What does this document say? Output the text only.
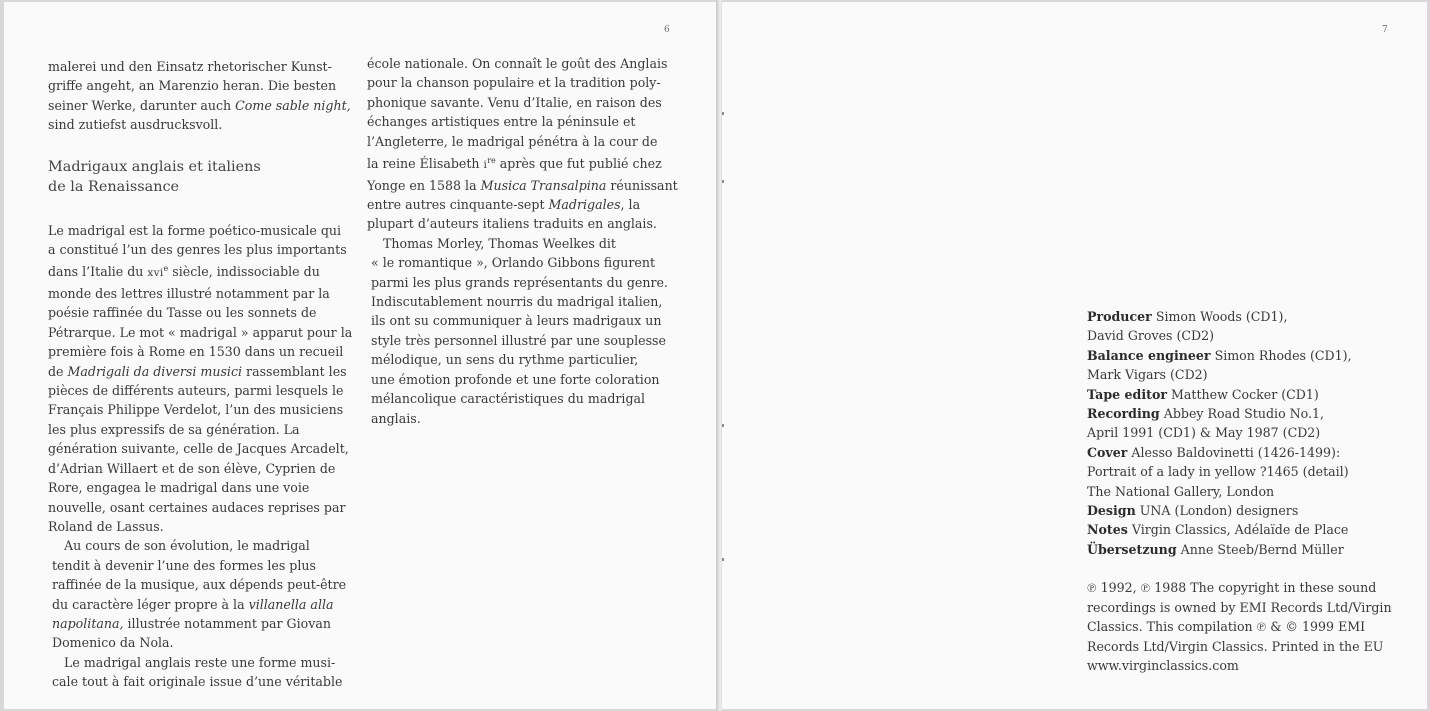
6

malerei und den Einsatz rhetorischer Kunst-

griffe angeht, an Marenzio heran. Die besten

seiner Werke, darunter auch Come sable night,

sind zutiefst ausdrucksvoll.

Madrigaux anglais et italiens

de la Renaissance

Le madrigal est la forme poético-musicale qui

a constitué l’un des genres les plus importants

dans l’Italie du xvi$^e$ siècle, indissociable du

monde des lettres illustré notamment par la

poésie raffinée du Tasse ou les sonnets de

Pétrarque. Le mot « madrigal » apparut pour la

première fois à Rome en 1530 dans un recueil

de Madrigali da diversi musici rassemblant les

pièces de différents auteurs, parmi lesquels le

Français Philippe Verdelot, l’un des musiciens

les plus expressifs de sa génération. La

génération suivante, celle de Jacques Arcadelt,

d’Adrian Willaert et de son élève, Cyprien de

Rore, engagea le madrigal dans une voie

nouvelle, osant certaines audaces reprises par

Roland de Lassus.

Au cours de son évolution, le madrigal

tendit à devenir l’une des formes les plus

raffinée de la musique, aux dépends peut-être

du caractère léger propre à la villanella alla

napolitana, illustrée notamment par Giovan

Domenico da Nola.

Le madrigal anglais reste une forme musi-

cale tout à fait originale issue d’une véritable

école nationale. On connaît le goût des Anglais

pour la chanson populaire et la tradition poly-

phonique savante. Venu d’Italie, en raison des

échanges artistiques entre la péninsule et

l’Angleterre, le madrigal pénétra à la cour de

la reine Élisabeth $i^{re}$ après que fut publié chez

Yonge en 1588 la Musica Transalpina réunissant

entre autres cinquante-sept Madrigales, la

plupart d’auteurs italiens traduits en anglais.

Thomas Morley, Thomas Weelkes dit

« le romantique », Orlando Gibbons figurent

parmi les plus grands représentants du genre.

Indiscutablement nourris du madrigal italien,

ils ont su communiquer à leurs madrigaux un

style très personnel illustré par une souplesse

mélodique, un sens du rythme particulier,

une émotion profonde et une forte coloration

mélancolique caractéristiques du madrigal

anglais.

7

Producer Simon Woods (CD1),

David Groves (CD2)

Balance engineer Simon Rhodes (CD1),

Mark Vigars (CD2)

Tape editor Matthew Cocker (CD1)

Recording Abbey Road Studio No.1,

April 1991 (CD1) & May 1987 (CD2)

Cover Alesso Baldovinetti (1426-1499):

Portrait of a lady in yellow ?1465 (detail)

The National Gallery, London

Design UNA (London) designers

Notes Virgin Classics, Adélaïde de Place

Übersetzung Anne Steeb/Bernd Müller

℗ 1992, ℗ 1988 The copyright in these sound

recordings is owned by EMI Records Ltd/Virgin

Classics. This compilation ℗ & © 1999 EMI

Records Ltd/Virgin Classics. Printed in the EU

www.virginclassics.com
